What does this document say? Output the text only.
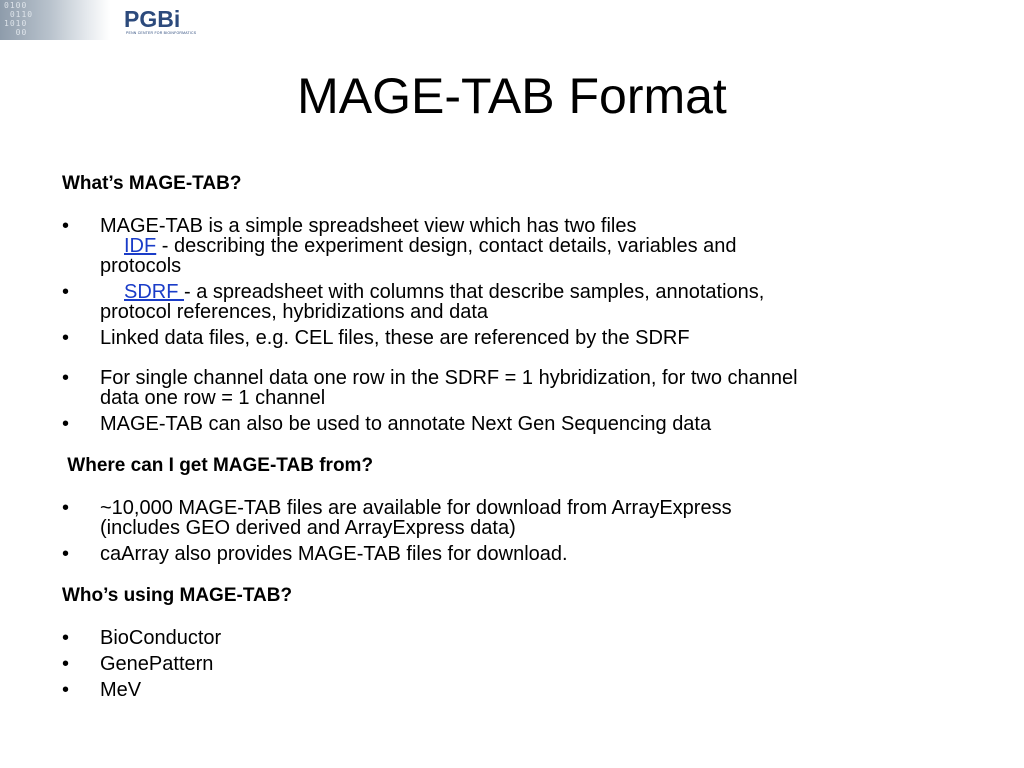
0100
0110
1010
00
PGBi
PENN CENTER FOR BIOINFORMATICS
MAGE-TAB Format
What’s MAGE-TAB?
•	MAGE-TAB is a simple spreadsheet view which has two files
IDF - describing the experiment design, contact details, variables and
protocols
•	SDRF - a spreadsheet with columns that describe samples, annotations,
protocol references, hybridizations and data
•	Linked data files, e.g. CEL files, these are referenced by the SDRF
•	For single channel data one row in the SDRF = 1 hybridization, for two channel
data one row = 1 channel
•	MAGE-TAB can also be used to annotate Next Gen Sequencing data
Where can I get MAGE-TAB from?
•	~10,000 MAGE-TAB files are available for download from ArrayExpress
(includes GEO derived and ArrayExpress data)
•	caArray also provides MAGE-TAB files for download.
Who’s using MAGE-TAB?
•	BioConductor
•	GenePattern
•	MeV
